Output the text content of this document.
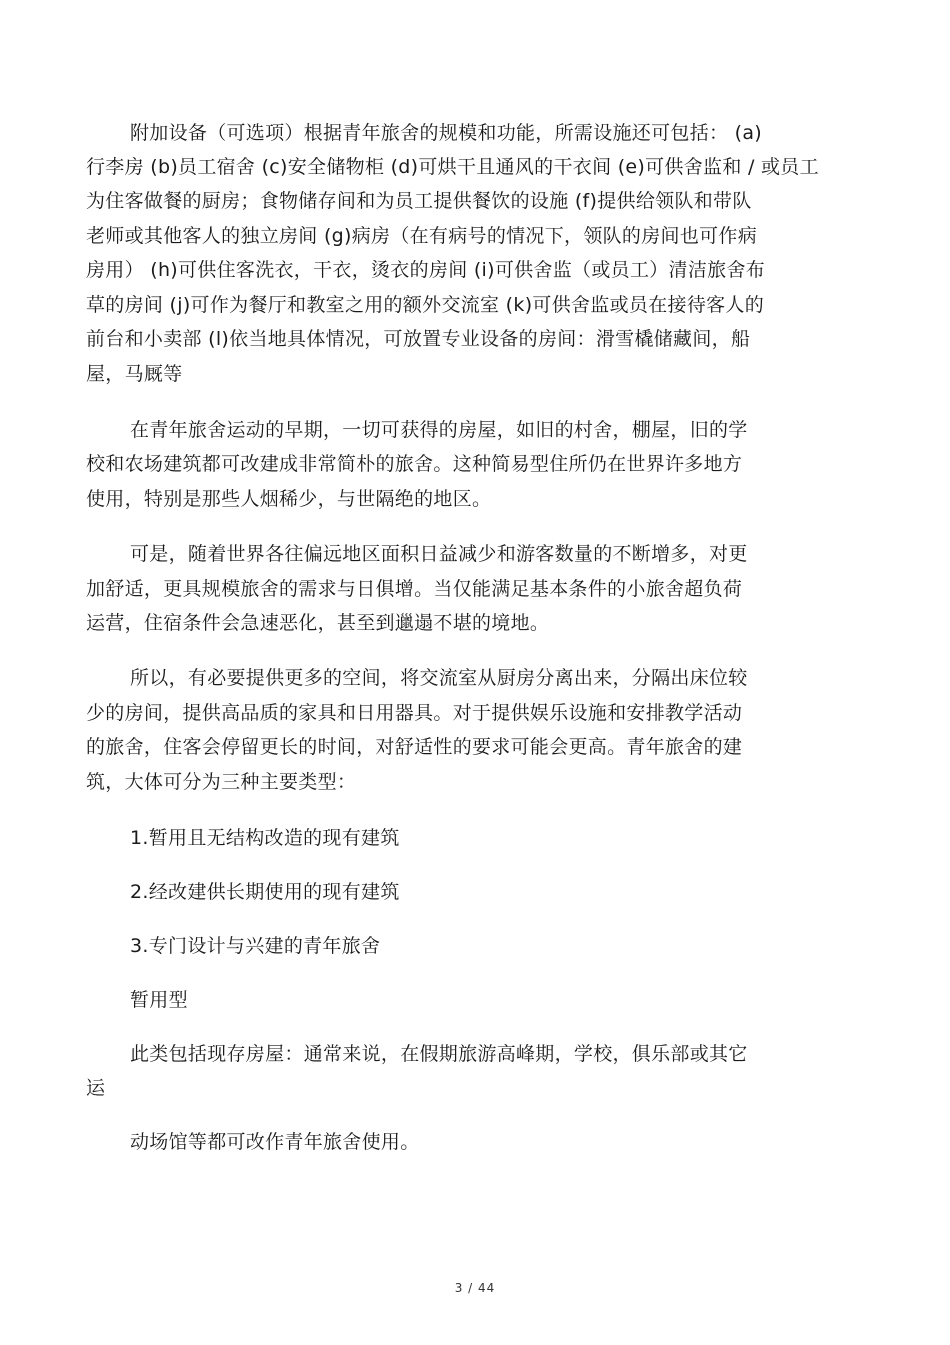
附加设备（可选项）根据青年旅舍的规模和功能，所需设施还可包括： (a)
行李房 (b)员工宿舍 (c)安全储物柜 (d)可烘干且通风的干衣间 (e)可供舍监和 / 或员工
为住客做餐的厨房；食物储存间和为员工提供餐饮的设施 (f)提供给领队和带队
老师或其他客人的独立房间 (g)病房（在有病号的情况下，领队的房间也可作病
房用） (h)可供住客洗衣，干衣，烫衣的房间 (i)可供舍监（或员工）清洁旅舍布
草的房间 (j)可作为餐厅和教室之用的额外交流室 (k)可供舍监或员在接待客人的
前台和小卖部 (l)依当地具体情况，可放置专业设备的房间：滑雪橇储藏间，船
屋，马厩等
在青年旅舍运动的早期，一切可获得的房屋，如旧的村舍，棚屋，旧的学
校和农场建筑都可改建成非常简朴的旅舍。这种简易型住所仍在世界许多地方
使用，特别是那些人烟稀少，与世隔绝的地区。
可是，随着世界各往偏远地区面积日益减少和游客数量的不断增多，对更
加舒适，更具规模旅舍的需求与日俱增。当仅能满足基本条件的小旅舍超负荷
运营，住宿条件会急速恶化，甚至到邋遢不堪的境地。
所以，有必要提供更多的空间，将交流室从厨房分离出来，分隔出床位较
少的房间，提供高品质的家具和日用器具。对于提供娱乐设施和安排教学活动
的旅舍，住客会停留更长的时间，对舒适性的要求可能会更高。青年旅舍的建
筑，大体可分为三种主要类型：
1.暂用且无结构改造的现有建筑
2.经改建供长期使用的现有建筑
3.专门设计与兴建的青年旅舍
暂用型
此类包括现存房屋：通常来说，在假期旅游高峰期，学校，俱乐部或其它
运
动场馆等都可改作青年旅舍使用。
3 / 44
